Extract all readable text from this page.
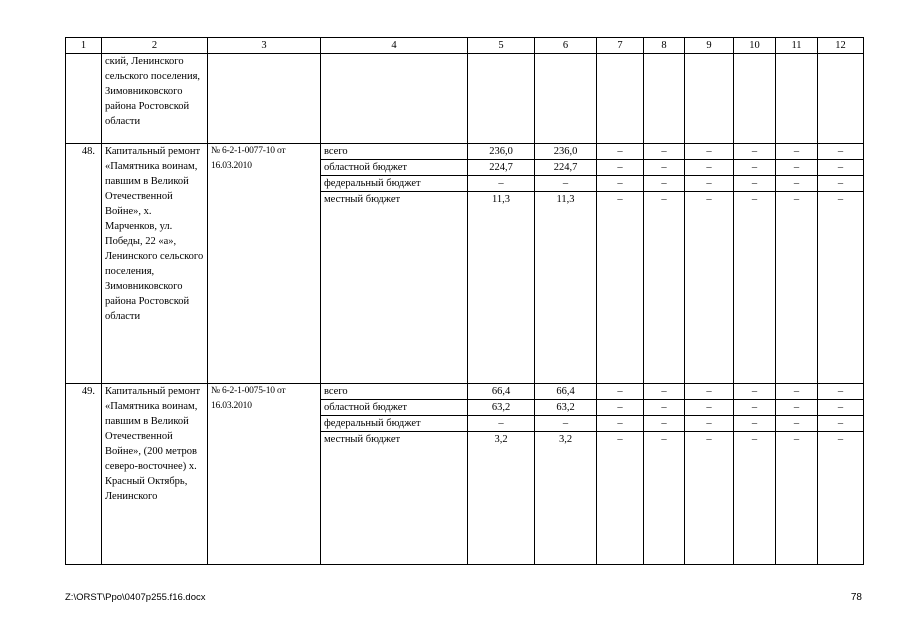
1	2	3	4	5	6	7	8	9	10	11	12
	ский, Ленинского сельского поселения, Зимовниковского района Ростовской области										
48.	Капитальный ремонт «Памятника воинам, павшим в Великой Отечественной Войне», х. Марченков, ул. Победы, 22 «а», Ленинского сельского поселения, Зимовниковского района Ростовской области	№ 6-2-1-0077-10 от 16.03.2010	всего	236,0	236,0	–	–	–	–	–	–
			областной бюджет	224,7	224,7	–	–	–	–	–	–
			федеральный бюджет	–	–	–	–	–	–	–	–
			местный бюджет	11,3	11,3	–	–	–	–	–	–
49.	Капитальный ремонт «Памятника воинам, павшим в Великой Отечественной Войне», (200 метров северо-восточнее) х. Красный Октябрь, Ленинского	№ 6-2-1-0075-10 от 16.03.2010	всего	66,4	66,4	–	–	–	–	–	–
			областной бюджет	63,2	63,2	–	–	–	–	–	–
			федеральный бюджет	–	–	–	–	–	–	–	–
			местный бюджет	3,2	3,2	–	–	–	–	–	–
Z:\ORST\Ppo\0407p255.f16.docx	78
